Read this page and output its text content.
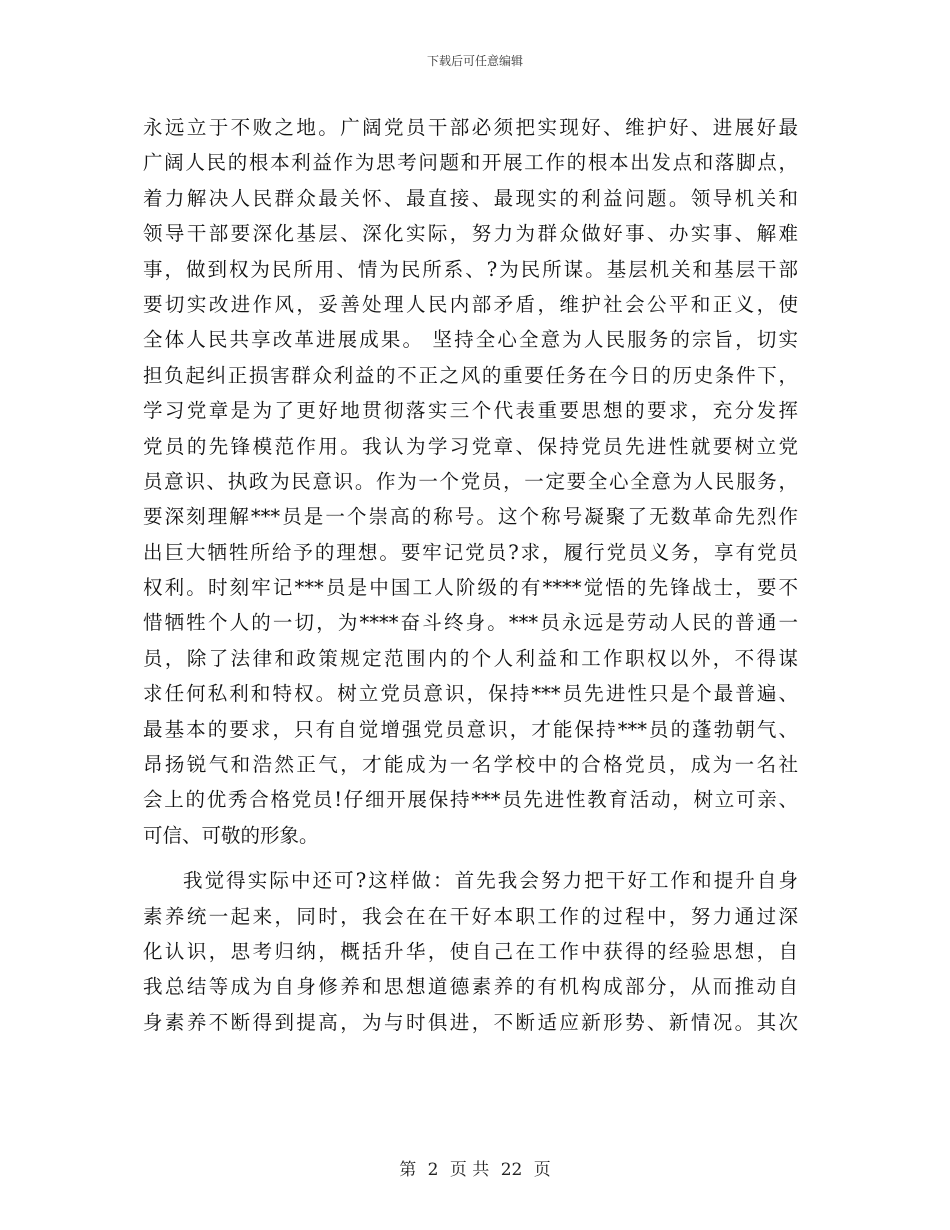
下载后可任意编辑
永远立于不败之地。广阔党员干部必须把实现好、维护好、进展好最
广阔人民的根本利益作为思考问题和开展工作的根本出发点和落脚点，
着力解决人民群众最关怀、最直接、最现实的利益问题。领导机关和
领导干部要深化基层、深化实际，努力为群众做好事、办实事、解难
事，做到权为民所用、情为民所系、?为民所谋。基层机关和基层干部
要切实改进作风，妥善处理人民内部矛盾，维护社会公平和正义，使
全体人民共享改革进展成果。 坚持全心全意为人民服务的宗旨，切实
担负起纠正损害群众利益的不正之风的重要任务在今日的历史条件下，
学习党章是为了更好地贯彻落实三个代表重要思想的要求，充分发挥
党员的先锋模范作用。我认为学习党章、保持党员先进性就要树立党
员意识、执政为民意识。作为一个党员，一定要全心全意为人民服务，
要深刻理解***员是一个崇高的称号。这个称号凝聚了无数革命先烈作
出巨大牺牲所给予的理想。要牢记党员?求，履行党员义务，享有党员
权利。时刻牢记***员是中国工人阶级的有****觉悟的先锋战士，要不
惜牺牲个人的一切，为****奋斗终身。***员永远是劳动人民的普通一
员，除了法律和政策规定范围内的个人利益和工作职权以外，不得谋
求任何私利和特权。树立党员意识，保持***员先进性只是个最普遍、
最基本的要求，只有自觉增强党员意识，才能保持***员的蓬勃朝气、
昂扬锐气和浩然正气，才能成为一名学校中的合格党员，成为一名社
会上的优秀合格党员!仔细开展保持***员先进性教育活动，树立可亲、
可信、可敬的形象。
我觉得实际中还可?这样做：首先我会努力把干好工作和提升自身
素养统一起来，同时，我会在在干好本职工作的过程中，努力通过深
化认识，思考归纳，概括升华，使自己在工作中获得的经验思想，自
我总结等成为自身修养和思想道德素养的有机构成部分，从而推动自
身素养不断得到提高，为与时俱进，不断适应新形势、新情况。其次
第 2 页 共 22 页
